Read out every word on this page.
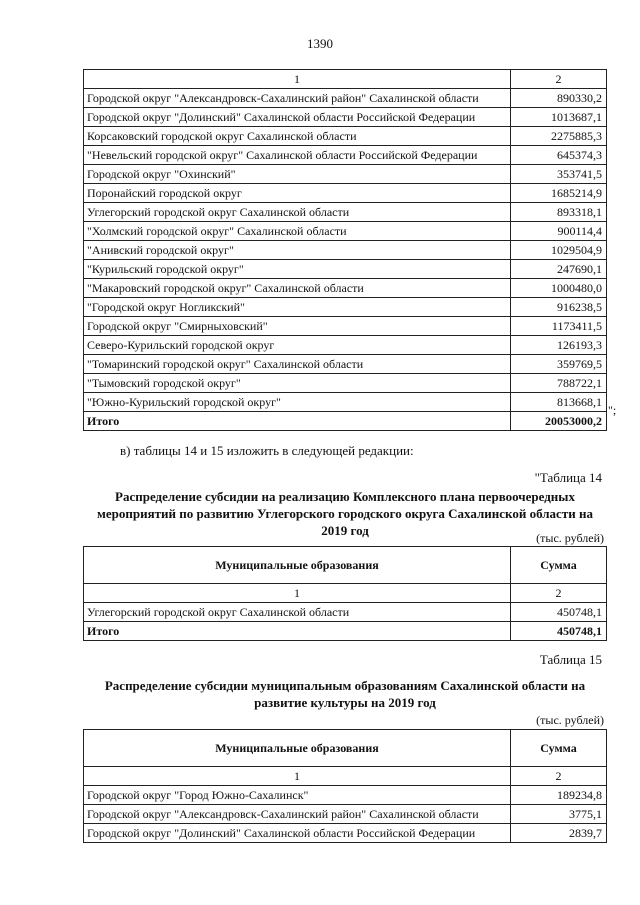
1390
1	2
Городской округ "Александровск-Сахалинский район" Сахалинской области	890330,2
Городской округ "Долинский" Сахалинской области Российской Федерации	1013687,1
Корсаковский городской округ Сахалинской области	2275885,3
"Невельский городской округ" Сахалинской области Российской Федерации	645374,3
Городской округ "Охинский"	353741,5
Поронайский городской округ	1685214,9
Углегорский городской округ Сахалинской области	893318,1
"Холмский городской округ" Сахалинской области	900114,4
"Анивский городской округ"	1029504,9
"Курильский городской округ"	247690,1
"Макаровский городской округ" Сахалинской области	1000480,0
"Городской округ Ногликский"	916238,5
Городской округ "Смирныховский"	1173411,5
Северо-Курильский городской округ	126193,3
"Томаринский городской округ" Сахалинской области	359769,5
"Тымовский городской округ"	788722,1
"Южно-Курильский городской округ"	813668,1
Итого	20053000,2
";
в) таблицы 14 и 15 изложить в следующей редакции:
"Таблица 14
Распределение субсидии на реализацию Комплексного плана первоочередных мероприятий по развитию Углегорского городского округа Сахалинской области на 2019 год	(тыс. рублей)
Муниципальные образования	Сумма
1	2
Углегорский городской округ Сахалинской области	450748,1
Итого	450748,1
Таблица 15
Распределение субсидии муниципальным образованиям Сахалинской области на развитие культуры на 2019 год
(тыс. рублей)
Муниципальные образования	Сумма
1	2
Городской округ "Город Южно-Сахалинск"	189234,8
Городской округ "Александровск-Сахалинский район" Сахалинской области	3775,1
Городской округ "Долинский" Сахалинской области Российской Федерации	2839,7
